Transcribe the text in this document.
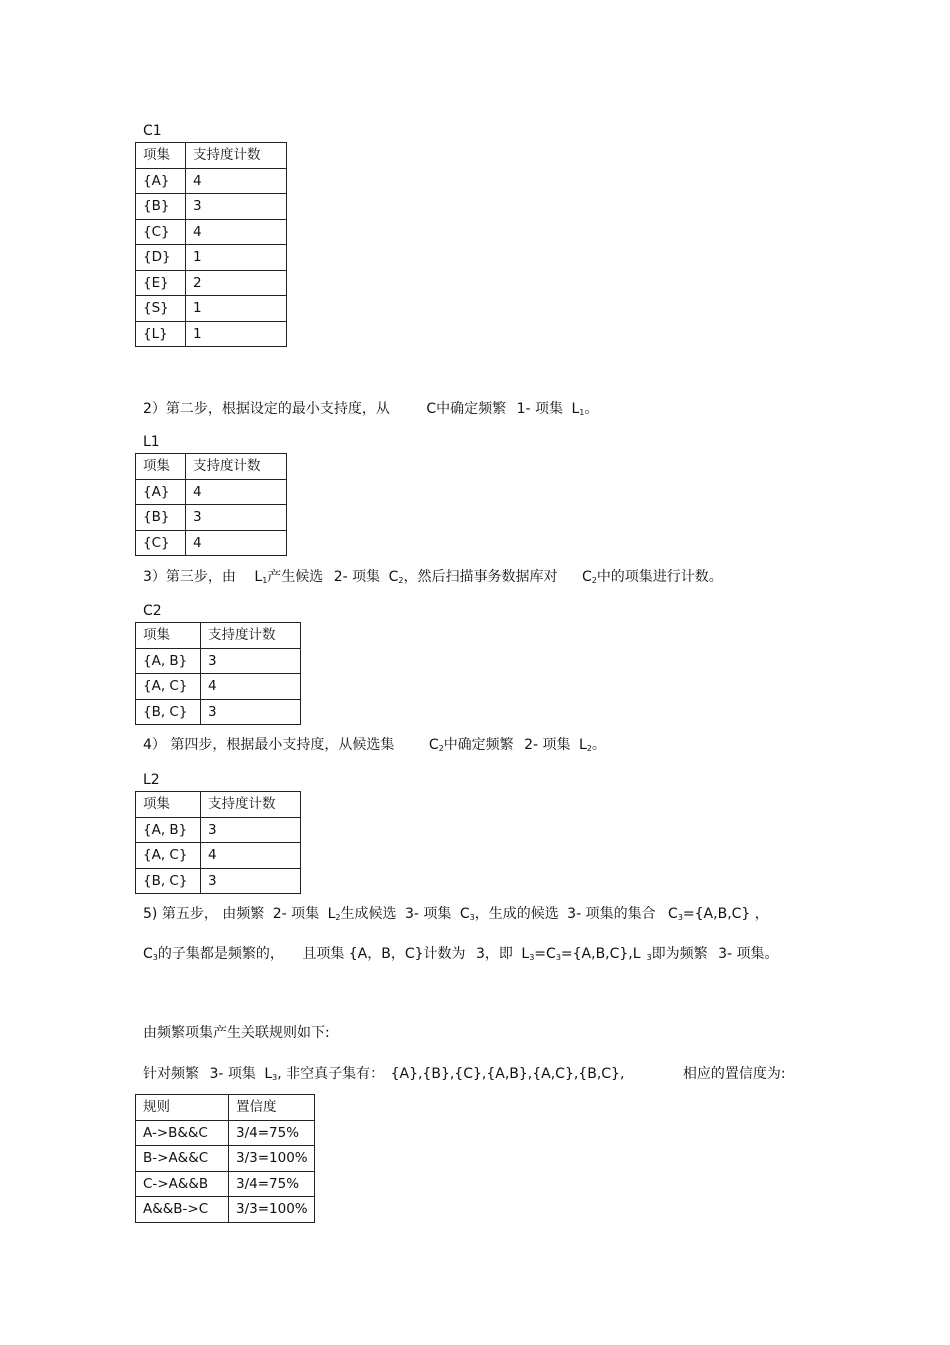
C1
项集	支持度计数
{A}	4
{B}	3
{C}	4
{D}	1
{E}	2
{S}	1
{L}	1
2）第二步，根据设定的最小支持度，从	C中确定频繁 1- 项集 $L_1$。
L1
项集	支持度计数
{A}	4
{B}	3
{C}	4
3）第三步，由 $L_1$产生候选 2- 项集 $C_2$，然后扫描事务数据库对 $C_2$中的项集进行计数。
C2
项集	支持度计数
{A, B}	3
{A, C}	4
{B, C}	3
4） 第四步，根据最小支持度，从候选集 $C_2$中确定频繁 2- 项集 $L_2$。
L2
项集	支持度计数
{A, B}	3
{A, C}	4
{B, C}	3
5) 第五步， 由频繁 2- 项集 $L_2$生成候选 3- 项集 $C_3$，生成的候选 3- 项集的集合 $C_3=\{A,B,C\}$ ，
$C_3$的子集都是频繁的， 且项集 {A，B，C}计数为 3，即 $L_3=C_3=\{A,B,C\},L$ $_3$即为频繁 3- 项集。
由频繁项集产生关联规则如下:
针对频繁 3- 项集 $L_3$, 非空真子集有： {A},{B},{C},{A,B},{A,C},{B,C},	相应的置信度为:
规则	置信度
A->B&&C	3/4=75%
B->A&&C	3/3=100%
C->A&&B	3/4=75%
A&&B->C	3/3=100%
